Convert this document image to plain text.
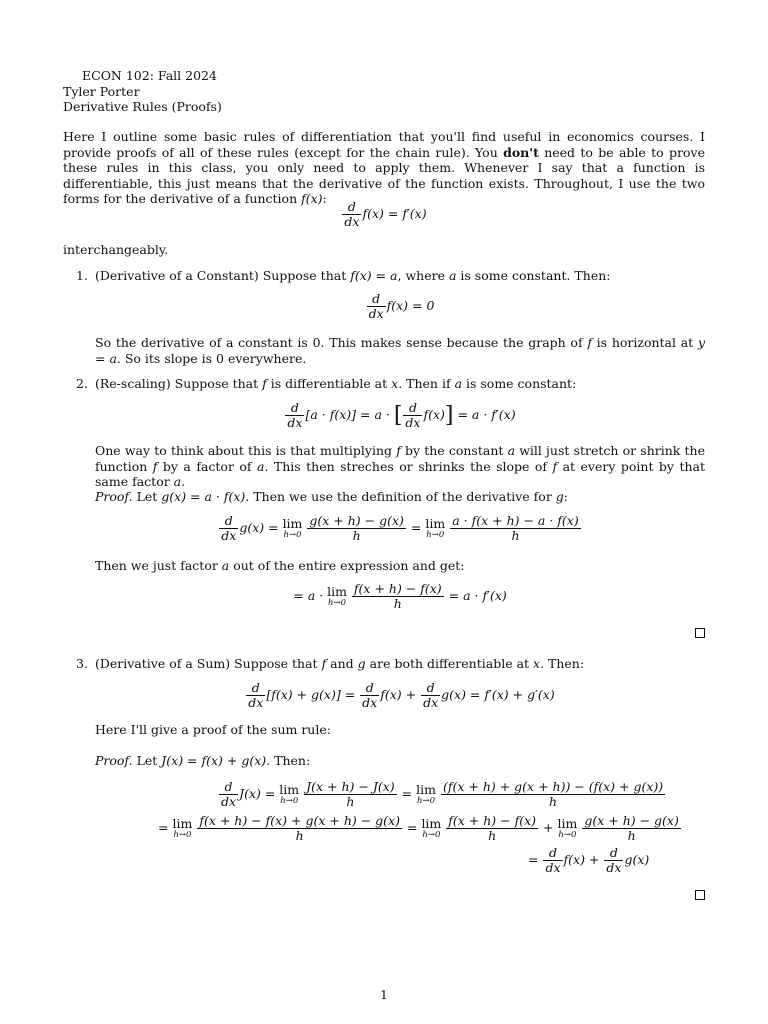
ECON 102: Fall 2024
Tyler Porter
Derivative Rules (Proofs)
Here I outline some basic rules of differentiation that you'll find useful in economics courses. I provide proofs of all of these rules (except for the chain rule). You don't need to be able to prove these rules in this class, you only need to apply them. Whenever I say that a function is differentiable, this just means that the derivative of the function exists. Throughout, I use the two forms for the derivative of a function f(x):
$\frac{d}{dx} f(x) = f'(x)$
interchangeably.
1. (Derivative of a Constant) Suppose that f(x) = a, where a is some constant. Then:
$\frac{d}{dx} f(x) = 0$
So the derivative of a constant is 0. This makes sense because the graph of f is horizontal at y = a. So its slope is 0 everywhere.
2. (Re-scaling) Suppose that f is differentiable at x. Then if a is some constant:
$\frac{d}{dx} [a \cdot f(x)] = a$ · [ $\frac{d}{dx} f(x)] = a \cdot f'(x)$
One way to think about this is that multiplying f by the constant a will just stretch or shrink the function f by a factor of a. This then streches or shrinks the slope of f at every point by that same factor a.
Proof. Let g(x) = a · f(x). Then we use the definition of the derivative for g:
$\frac{d}{dx} g(x) = \lim$
h→0
$\frac{g(x + h) - g(x)}{h} = \lim$
h→0
$\frac{a \cdot f(x + h) - a \cdot f(x)}{h}$
Then we just factor a out of the entire expression and get:
= a · lim
h→0
$\frac{f(x + h) - f(x)}{h} = a \cdot f'(x)$
3. (Derivative of a Sum) Suppose that f and g are both differentiable at x. Then:
$\frac{d}{dx} [f(x) + g(x)] = \frac{d}{dx} f(x) + \frac{d}{dx} g(x) = f'(x) + g'(x)$
Here I'll give a proof of the sum rule:
Proof. Let J(x) = f(x) + g(x). Then:
$\frac{d}{dx} J(x) = \lim$
h→0
$\frac{J(x + h) - J(x)}{h} = \lim$
h→0
$\frac{(f(x + h) + g(x + h)) - (f(x) + g(x))}{h}$
= lim
h→0
$\frac{f(x + h) - f(x) + g(x + h) - g(x)}{h} = \lim$
h→0
$\frac{f(x + h) - f(x)}{h} + \lim$
h→0
$\frac{g(x + h) - g(x)}{h}$
= $\frac{d}{dx} f(x) + \frac{d}{dx} g(x)$
1
